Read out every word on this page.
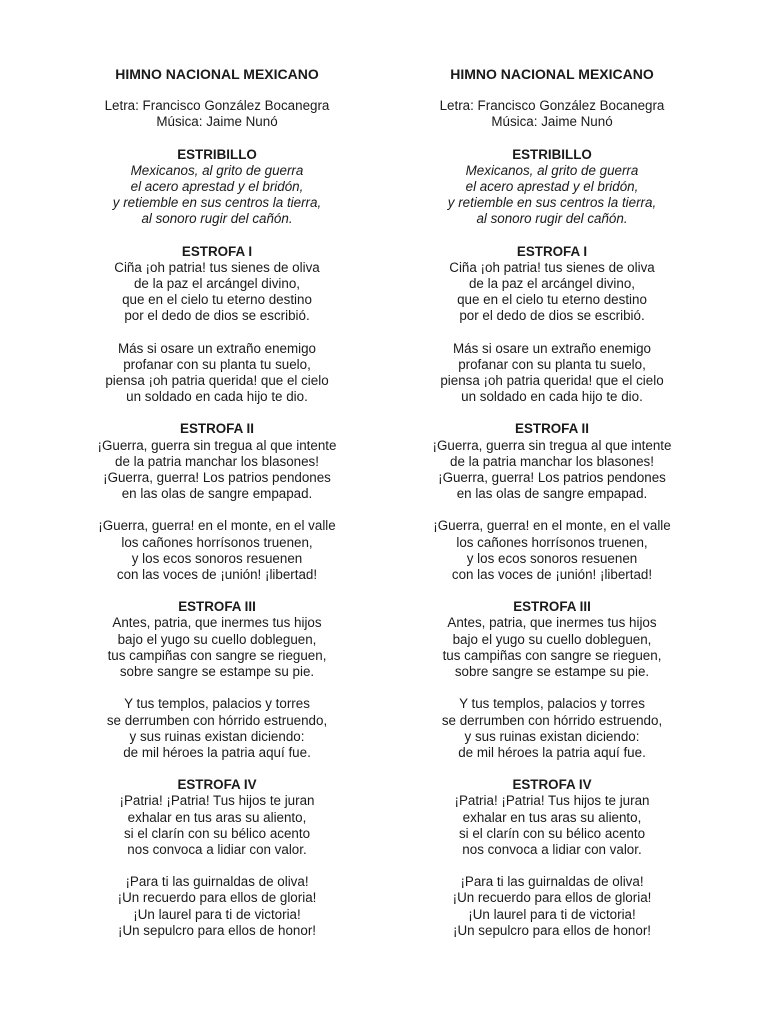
HIMNO NACIONAL MEXICANO
Letra: Francisco González Bocanegra
Música: Jaime Nunó
ESTRIBILLO
Mexicanos, al grito de guerra
el acero aprestad y el bridón,
y retiemble en sus centros la tierra,
al sonoro rugir del cañón.
ESTROFA I
Ciña ¡oh patria! tus sienes de oliva
de la paz el arcángel divino,
que en el cielo tu eterno destino
por el dedo de dios se escribió.
Más si osare un extraño enemigo
profanar con su planta tu suelo,
piensa ¡oh patria querida! que el cielo
un soldado en cada hijo te dio.
ESTROFA II
¡Guerra, guerra sin tregua al que intente
de la patria manchar los blasones!
¡Guerra, guerra! Los patrios pendones
en las olas de sangre empapad.
¡Guerra, guerra! en el monte, en el valle
los cañones horrísonos truenen,
y los ecos sonoros resuenen
con las voces de ¡unión! ¡libertad!
ESTROFA III
Antes, patria, que inermes tus hijos
bajo el yugo su cuello dobleguen,
tus campiñas con sangre se rieguen,
sobre sangre se estampe su pie.
Y tus templos, palacios y torres
se derrumben con hórrido estruendo,
y sus ruinas existan diciendo:
de mil héroes la patria aquí fue.
ESTROFA IV
¡Patria! ¡Patria! Tus hijos te juran
exhalar en tus aras su aliento,
si el clarín con su bélico acento
nos convoca a lidiar con valor.
¡Para ti las guirnaldas de oliva!
¡Un recuerdo para ellos de gloria!
¡Un laurel para ti de victoria!
¡Un sepulcro para ellos de honor!
HIMNO NACIONAL MEXICANO
Letra: Francisco González Bocanegra
Música: Jaime Nunó
ESTRIBILLO
Mexicanos, al grito de guerra
el acero aprestad y el bridón,
y retiemble en sus centros la tierra,
al sonoro rugir del cañón.
ESTROFA I
Ciña ¡oh patria! tus sienes de oliva
de la paz el arcángel divino,
que en el cielo tu eterno destino
por el dedo de dios se escribió.
Más si osare un extraño enemigo
profanar con su planta tu suelo,
piensa ¡oh patria querida! que el cielo
un soldado en cada hijo te dio.
ESTROFA II
¡Guerra, guerra sin tregua al que intente
de la patria manchar los blasones!
¡Guerra, guerra! Los patrios pendones
en las olas de sangre empapad.
¡Guerra, guerra! en el monte, en el valle
los cañones horrísonos truenen,
y los ecos sonoros resuenen
con las voces de ¡unión! ¡libertad!
ESTROFA III
Antes, patria, que inermes tus hijos
bajo el yugo su cuello dobleguen,
tus campiñas con sangre se rieguen,
sobre sangre se estampe su pie.
Y tus templos, palacios y torres
se derrumben con hórrido estruendo,
y sus ruinas existan diciendo:
de mil héroes la patria aquí fue.
ESTROFA IV
¡Patria! ¡Patria! Tus hijos te juran
exhalar en tus aras su aliento,
si el clarín con su bélico acento
nos convoca a lidiar con valor.
¡Para ti las guirnaldas de oliva!
¡Un recuerdo para ellos de gloria!
¡Un laurel para ti de victoria!
¡Un sepulcro para ellos de honor!
